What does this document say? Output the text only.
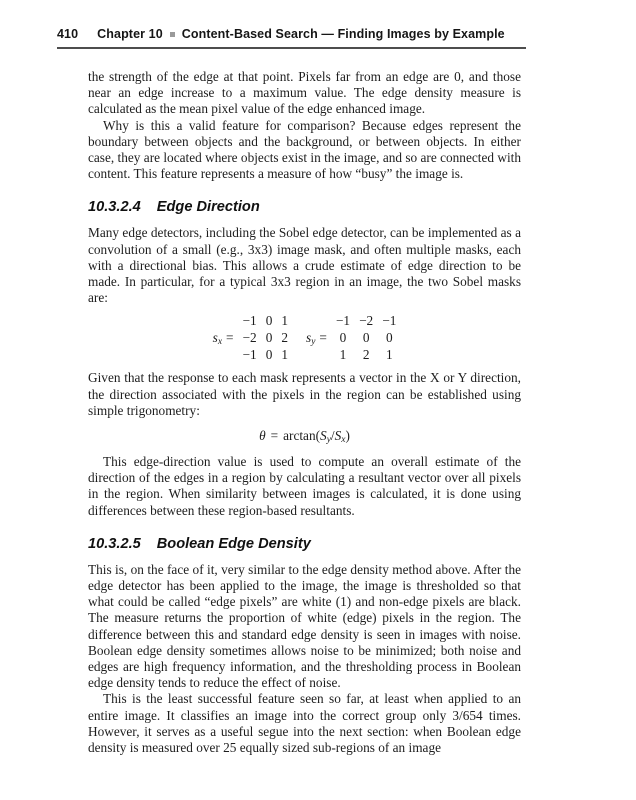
410 Chapter 10 Content-Based Search — Finding Images by Example

the strength of the edge at that point. Pixels far from an edge are 0, and those near an edge increase to a maximum value. The edge density measure is calculated as the mean pixel value of the edge enhanced image.

Why is this a valid feature for comparison? Because edges represent the boundary between objects and the background, or between objects. In either case, they are located where objects exist in the image, and so are connected with content. This feature represents a measure of how “busy” the image is.

10.3.2.4 Edge Direction

Many edge detectors, including the Sobel edge detector, can be implemented as a convolution of a small (e.g., 3x3) image mask, and often multiple masks, each with a directional bias. This allows a crude estimate of edge direction to be made. In particular, for a typical 3x3 region in an image, the two Sobel masks are:

$s_x$ =
−1 0 1
−2 0 2
−1 0 1
$s_y$ =
−1 −2 −1
0 0 0
1 2 1

Given that the response to each mask represents a vector in the X or Y direction, the direction associated with the pixels in the region can be established using simple trigonometry:

$\theta = \arctan(S_y/S_x)$

This edge-direction value is used to compute an overall estimate of the direction of the edges in a region by calculating a resultant vector over all pixels in the region. When similarity between images is calculated, it is done using differences between these region-based resultants.

10.3.2.5 Boolean Edge Density

This is, on the face of it, very similar to the edge density method above. After the edge detector has been applied to the image, the image is thresholded so that what could be called “edge pixels” are white (1) and non-edge pixels are black. The measure returns the proportion of white (edge) pixels in the region. The difference between this and standard edge density is seen in images with noise. Boolean edge density sometimes allows noise to be minimized; both noise and edges are high frequency information, and the thresholding process in Boolean edge density tends to reduce the effect of noise.

This is the least successful feature seen so far, at least when applied to an entire image. It classifies an image into the correct group only 3/654 times. However, it serves as a useful segue into the next section: when Boolean edge density is measured over 25 equally sized sub-regions of an image
